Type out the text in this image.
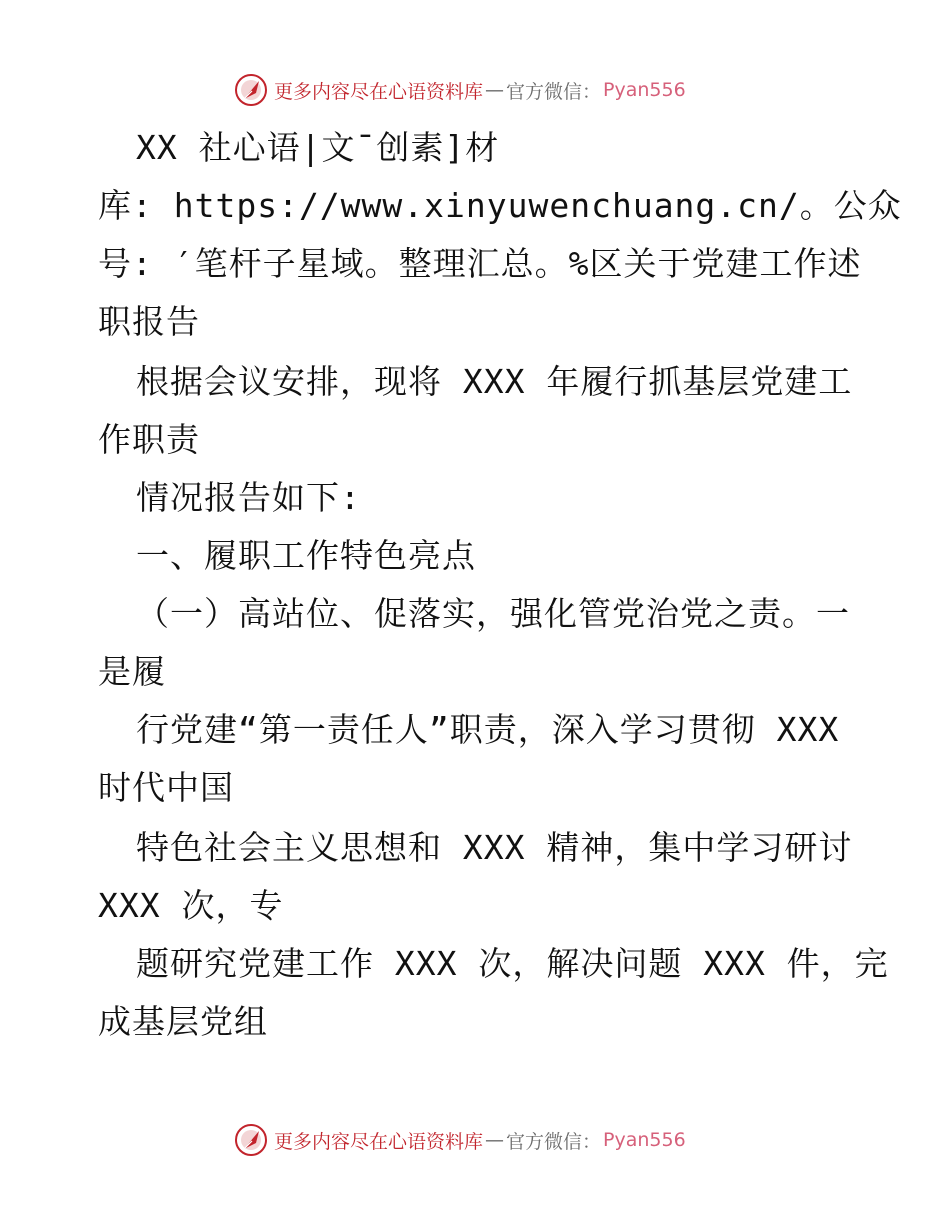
更多内容尽在心语资料库 — 官方微信： Pyan556
XX 社心语|文¯创素]材
库: https://www.xinyuwenchuang.cn/。公众
号: ′笔杆子星域。整理汇总。%区关于党建工作述
职报告
根据会议安排，现将 XXX 年履行抓基层党建工
作职责
情况报告如下:
一、履职工作特色亮点
（一）高站位、促落实，强化管党治党之责。一
是履
行党建“第一责任人”职责，深入学习贯彻 XXX
时代中国
特色社会主义思想和 XXX 精神，集中学习研讨
XXX 次，专
题研究党建工作 XXX 次，解决问题 XXX 件，完
成基层党组
更多内容尽在心语资料库 — 官方微信： Pyan556
